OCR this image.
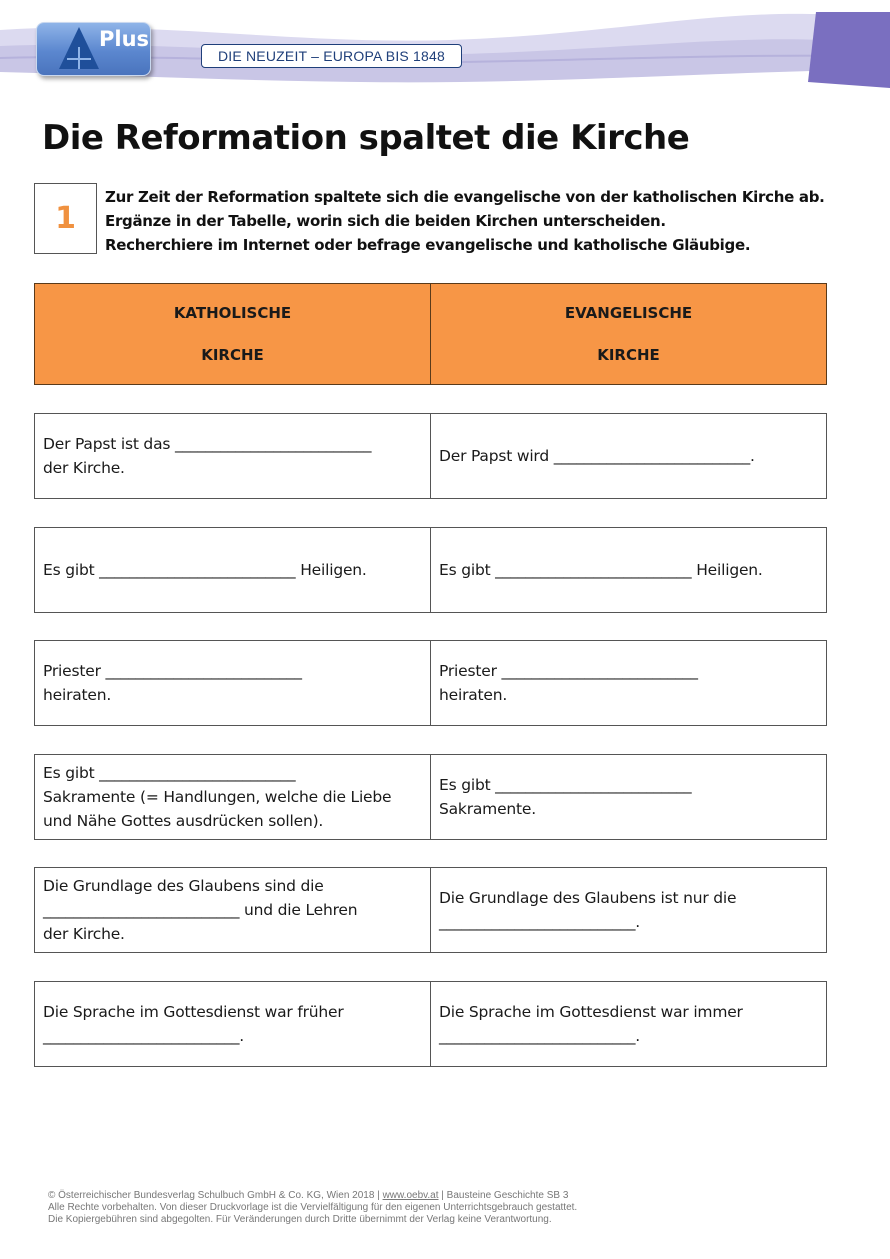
Plus
DIE NEUZEIT – EUROPA BIS 1848
Die Reformation spaltet die Kirche
1
Zur Zeit der Reformation spaltete sich die evangelische von der katholischen Kirche ab.
Ergänze in der Tabelle, worin sich die beiden Kirchen unterscheiden.
Recherchiere im Internet oder befrage evangelische und katholische Gläubige.
KATHOLISCHE
KIRCHE
EVANGELISCHE
KIRCHE
Der Papst ist das __________________________
der Kirche.
Der Papst wird __________________________.
Es gibt __________________________ Heiligen.	Es gibt __________________________ Heiligen.
Priester __________________________
heiraten.
Priester __________________________
heiraten.
Es gibt __________________________
Sakramente (= Handlungen, welche die Liebe
und Nähe Gottes ausdrücken sollen).
Es gibt __________________________
Sakramente.
Die Grundlage des Glaubens sind die
__________________________ und die Lehren
der Kirche.
Die Grundlage des Glaubens ist nur die
__________________________.
Die Sprache im Gottesdienst war früher
__________________________.
Die Sprache im Gottesdienst war immer
__________________________.
© Österreichischer Bundesverlag Schulbuch GmbH & Co. KG, Wien 2018 | www.oebv.at | Bausteine Geschichte SB 3
Alle Rechte vorbehalten. Von dieser Druckvorlage ist die Vervielfältigung für den eigenen Unterrichtsgebrauch gestattet.
Die Kopiergebühren sind abgegolten. Für Veränderungen durch Dritte übernimmt der Verlag keine Verantwortung.
